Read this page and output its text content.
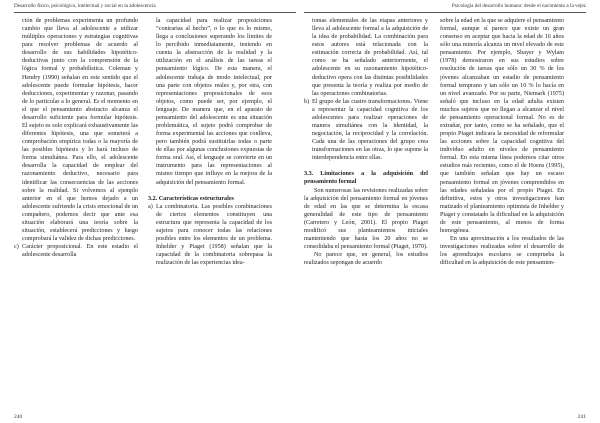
Desarrollo físico, psicológico, intelectual y social en la adolescencia

ción de problemas experimenta un profundo cambio que lleva al adolescente a utilizar múltiples operaciones y estrategias cognitivas para resolver problemas de acuerdo al desarrollo de sus habilidades hipotético-deductivas junto con la comprensión de la lógica formal y probabilística. Coleman y Hendry (1990) señalan en este sentido que el adolescente puede formular hipótesis, hacer deducciones, experimentar y razonar, pasando de lo particular a lo general. Es el momento en el que el pensamiento abstracto alcanza el desarrollo suficiente para formular hipótesis. El sujeto es solo explicará exhaustivamente las diferentes hipótesis, una que someterá a comprobación empírica todas o la mayoría de las posibles hipótesis y lo hará incluso de forma simultánea. Para ello, el adolescente desarrolla la capacidad de emplear del razonamiento deductivo, necesario para identificar las consecuencias de las acciones sobre la realidad. Si volvemos al ejemplo anterior en el que hemos dejado a un adolescente sufriendo la crisis emocional de un compañero, podemos decir que ante esa situación elaborará una teoría sobre la situación, establecerá predicciones y luego comprobará la validez de dichas predicciones.

c) Carácter proposicional. En este estadio el adolescente desarrolla

la capacidad para realizar proposiciones “contrarias al hecho”, o lo que es lo mismo, llega a conclusiones superando los límites de lo percibido inmediatamente, teniendo en cuenta la abstracción de la realidad y la utilización en el análisis de las tareas el pensamiento lógico. De esta manera, el adolescente trabaja de modo intelectual, por una parte con objetos reales y, por otra, con representaciones proposicionales de esos objetos, como puede ser, por ejemplo, el lenguaje. De manera que, en el aparato de pensamiento del adolescente es una situación problemática, el sujeto podrá comprobar de forma experimental las acciones que conlleva, pero también podrá sustituirlas todas o parte de ellas por algunas conclusiones expuestas de forma oral. Así, el lenguaje se convierte en un instrumento para las representaciones al mismo tiempo que influye en la mejora de la adquisición del pensamiento formal.

3.2. Características estructurales

a) La combinatoria. Las posibles combinaciones de ciertos elementos constituyen una estructura que representa la capacidad de los sujetos para conocer todas las relaciones posibles entre los elementos de un problema. Inhelder y Piaget (1958) señalan que la capacidad de la combinatoria sobrepasa la realización de las experiencias idea-

240
Psicología del desarrollo humano: desde el nacimiento a la vejez

tomas elementales de las etapas anteriores y lleva al adolescente formal a la adquisición de la idea de probabilidad. La combinación para estos autores está relacionada con la estimación correcta de probabilidad. Así, tal como se ha señalado anteriormente, el adolescente en su razonamiento hipotético-deductivo opera con las distintas posibilidades que presenta la teoría y realiza por medio de las operaciones combinatorias.

b) El grupo de las cuatro transformaciones. Viene a representar la capacidad cognitiva de los adolescentes para realizar operaciones de manera simultánea con la identidad, la negociación, la reciprocidad y la correlación. Cada una de las operaciones del grupo crea transformaciones en las otras, lo que supone la interdependencia entre ellas.

3.3. Limitaciones a la adquisición del pensamiento formal

Son numerosas las revisiones realizadas sobre la adquisición del pensamiento formal en jóvenes de edad en las que se determina la escasa generalidad de este tipo de pensamiento (Carretero y León, 2001). El propio Piaget modificó sus planteamientos iniciales manteniendo que hasta los 20 años no se consolidaba el pensamiento formal (Piaget, 1970).

No parece que, en general, los estudios realizados sepongan de acuerdo

sobre la edad en la que se adquiere el pensamiento formal, aunque sí parece que existe un gran consenso en aceptar que hacia la edad de 16 años sólo una minoría alcanza un nivel elevado de este pensamiento. Por ejemplo, Shayer y Wylam (1978) demostraron en sus estudios sobre resolución de tareas que sólo un 30 % de los jóvenes alcanzaban un estadio de pensamiento formal temprano y tan sólo un 10 % lo hacía en un nivel avanzado. Por su parte, Niemark (1975) señaló que incluso en la edad adulta existen muchos sujetos que no llegan a alcanzar el nivel de pensamiento operacional formal. No es de extrañar, por tanto, como se ha señalado, que el propio Piaget indicara la necesidad de reformular las acciones sobre la capacidad cognitiva del individuo adulto en niveles de pensamiento formal. En esta misma línea podemos citar otros estudios más recientes, como el de Hoens (1995), que también señalan que hay un escaso pensamiento formal en jóvenes comprendidos en las edades señaladas por el propio Piaget. En definitiva, estos y otros investigaciones han matizado el planteamiento optimista de Inhelder y Piaget y constatado la dificultad en la adquisición de este pensamiento, al menos de forma homogénea.

En una aproximación a los resultados de las investigaciones realizadas sobre el desarrollo de los aprendizajes escolares se comprueba la dificultad en la adquisición de este pensamien-

241
